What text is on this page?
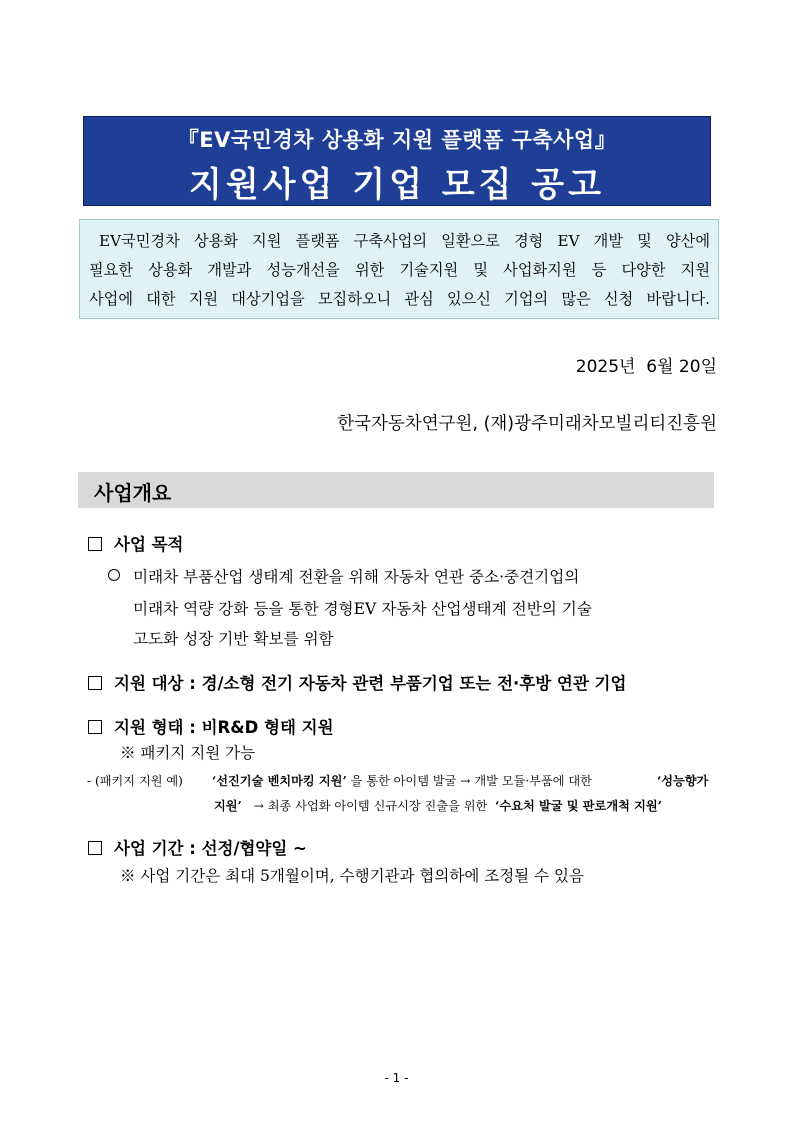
『EV국민경차 상용화 지원 플랫폼 구축사업』
지원사업 기업 모집 공고
EV국민경차 상용화 지원 플랫폼 구축사업의 일환으로 경형 EV 개발 및 양산에
필요한 상용화 개발과 성능개선을 위한 기술지원 및 사업화지원 등 다양한 지원
사업에 대한 지원 대상기업을 모집하오니 관심 있으신 기업의 많은 신청 바랍니다.
2025년  6월 20일
한국자동차연구원, (재)광주미래차모빌리티진흥원
사업개요
사업 목적
미래차 부품산업 생태계 전환을 위해 자동차 연관 중소·중견기업의
미래차 역량 강화 등을 통한 경형EV 자동차 산업생태계 전반의 기술
고도화 성장 기반 확보를 위함
지원 대상 : 경/소형 전기 자동차 관련 부품기업 또는 전·후방 연관 기업
지원 형태 : 비R&D 형태 지원
※ 패키지 지원 가능
- (패키지 지원 예) ‘선진기술 벤치마킹 지원’ 을 통한 아이템 발굴 → 개발 모듈·부품에 대한	‘성능향가
지원’ → 최종 사업화 아이템 신규시장 진출을 위한 ‘수요처 발굴 및 판로개척 지원’
사업 기간 : 선정/협약일 ~
※ 사업 기간은 최대 5개월이며, 수행기관과 협의하에 조정될 수 있음
- 1 -
